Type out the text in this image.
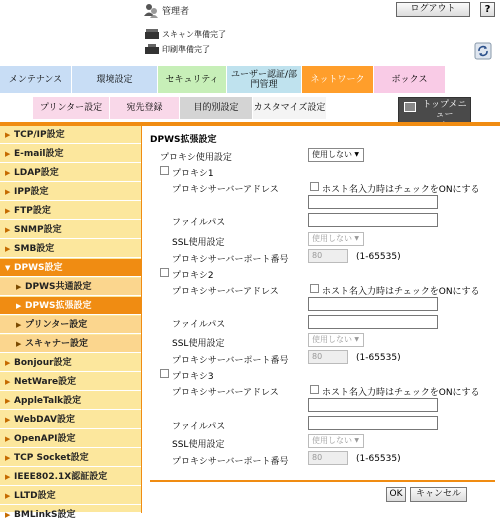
管理者	ログアウト	?
スキャン準備完了
印刷準備完了
メンテナンス	環境設定	セキュリティ ユーザー認証/部
門管理	ネットワーク	ボックス
プリンター設定	宛先登録	目的別設定	カスタマイズ設定	トップメニュー
▶ TCP/IP設定
▶ E-mail設定
▶ LDAP設定
▶ IPP設定
▶ FTP設定
▶ SNMP設定
▶ SMB設定
▼ DPWS設定
▶ DPWS共通設定
▶ DPWS拡張設定
▶ プリンター設定
▶ スキャナー設定
▶ Bonjour設定
▶ NetWare設定
▶ AppleTalk設定
▶ WebDAV設定
▶ OpenAPI設定
▶ TCP Socket設定
▶ IEEE802.1X認証設定
▶ LLTD設定
▶ BMLinkS設定
DPWS拡張設定
プロキシ使用設定	使用しない ▼
プロキシ1
プロキシサーバーアドレス	ホスト名入力時はチェックをONにする
ファイルパス
SSL使用設定	使用しない ▼
プロキシサーバーポート番号	80	(1-65535)
プロキシ2
プロキシサーバーアドレス	ホスト名入力時はチェックをONにする
ファイルパス
SSL使用設定	使用しない ▼
プロキシサーバーポート番号	80	(1-65535)
プロキシ3
プロキシサーバーアドレス	ホスト名入力時はチェックをONにする
ファイルパス
SSL使用設定	使用しない ▼
プロキシサーバーポート番号	80	(1-65535)
OK	キャンセル
